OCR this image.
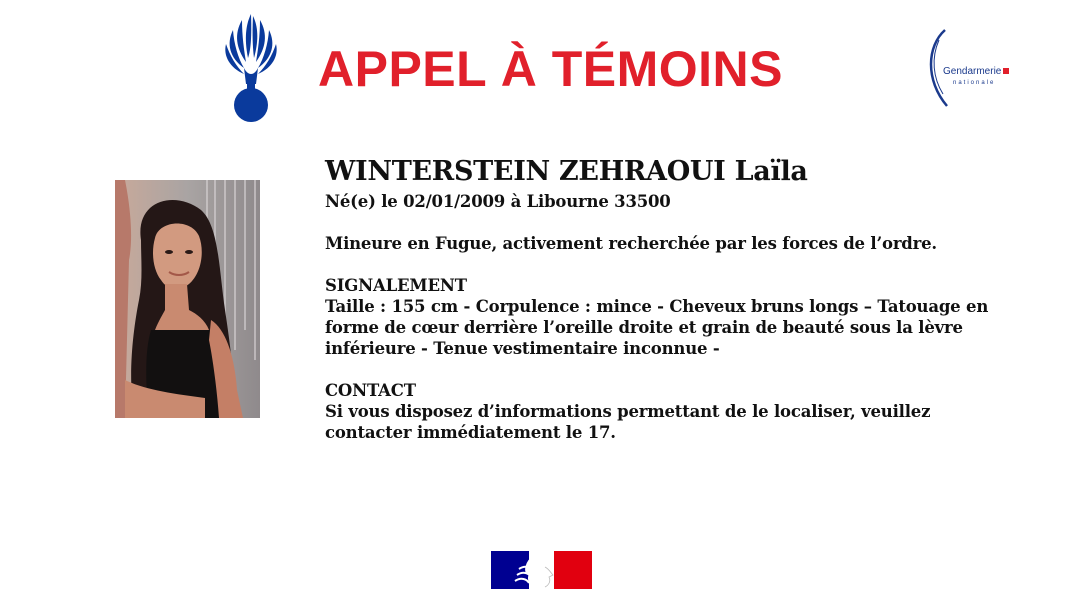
APPEL À TÉMOINS	Gendarmerie
nationale
WINTERSTEIN ZEHRAOUI Laïla

Né(e) le 02/01/2009 à Libourne 33500

Mineure en Fugue, activement recherchée par les forces de l’ordre.

SIGNALEMENT

Taille : 155 cm - Corpulence : mince - Cheveux bruns longs – Tatouage en

forme de cœur derrière l’oreille droite et grain de beauté sous la lèvre

inférieure - Tenue vestimentaire inconnue -

CONTACT

Si vous disposez d’informations permettant de le localiser, veuillez

contacter immédiatement le 17.
